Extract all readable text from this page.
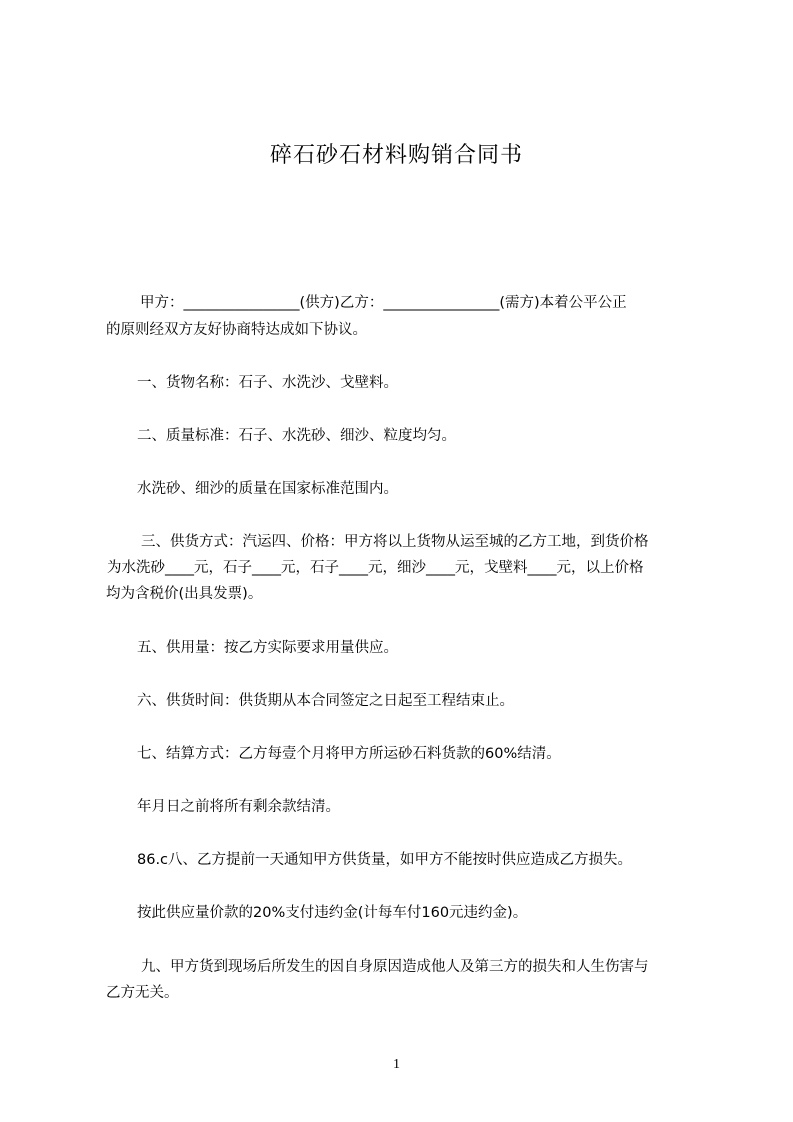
碎石砂石材料购销合同书
甲方：________________(供方)乙方：________________(需方)本着公平公正
的原则经双方友好协商特达成如下协议。
一、货物名称：石子、水洗沙、戈壁料。
二、质量标准：石子、水洗砂、细沙、粒度均匀。
水洗砂、细沙的质量在国家标准范围内。
三、供货方式：汽运四、价格：甲方将以上货物从运至城的乙方工地，到货价格
为水洗砂____元，石子____元，石子____元，细沙____元，戈壁料____元，以上价格
均为含税价(出具发票)。
五、供用量：按乙方实际要求用量供应。
六、供货时间：供货期从本合同签定之日起至工程结束止。
七、结算方式：乙方每壹个月将甲方所运砂石料货款的60%结清。
年月日之前将所有剩余款结清。
86.c八、乙方提前一天通知甲方供货量，如甲方不能按时供应造成乙方损失。
按此供应量价款的20%支付违约金(计每车付160元违约金)。
九、甲方货到现场后所发生的因自身原因造成他人及第三方的损失和人生伤害与
乙方无关。
1
